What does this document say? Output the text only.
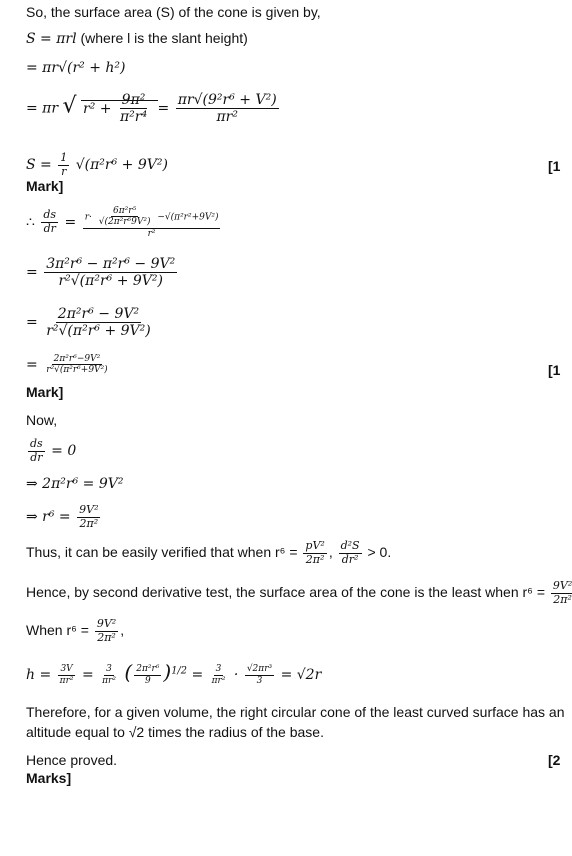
So, the surface area (S) of the cone is given by,
S = πrl (where l is the slant height)
= πr√(r² + h²)
= πr √ $r^2 + \frac{\text{9π²}}{\text{π²r⁴}} = \frac{\text{πr√(9²r⁶ + V²)}}{\text{πr²}}$
$S = \frac{1}{r} √(\pi^2r^6 + 9V^2)$	[1
Mark]
∴ $\frac{ds}{dr} = \frac{r\cdot \frac{\text{6π²r⁵}}{\text{√(2π²r⁶9V²)}} -√(\pi^2r^2+9V^2)}{\text{r²}}$
= $\frac{\text{3π²r⁶ − π²r⁶ − 9V²}}{\text{r²√(π²r⁶ + 9V²)}}$
= $\frac{\text{2π²r⁶ − 9V²}}{\text{r²√(π²r⁶ + 9V²)}}$
= $\frac{\text{2π²r⁶−9V²}}{\text{r²√(π²r⁶+9V²)}}$	[1
Mark]
Now,
$\frac{ds}{dr} = 0$
⇒ 2π²r⁶ = 9V²
⇒ $r^6 = \frac{\text{9V²}}{\text{2π²}}$
Thus, it can be easily verified that when $r^6 = \frac{\text{pV²}}{\text{2π²}}$ , $\frac{\text{d²S}}{\text{dr²}} > 0$.
Hence, by second derivative test, the surface area of the cone is the least when $r^6 = \frac{\text{9V²}}{\text{2π²}}$
When $r^6 = \frac{\text{9V²}}{\text{2π²}}$ ,
$h = \frac{3V}{\text{πr²}} = \frac{3}{\text{πr²}}$ ( $\frac{\text{2π²r⁶}}{9} )^{1/2} = \frac{3}{\text{πr²}} \cdot \frac{\text{√2πr³}}{3} = √2r$
Therefore, for a given volume, the right circular cone of the least curved surface has an
altitude equal to √2 times the radius of the base.
Hence proved.	[2
Marks]
